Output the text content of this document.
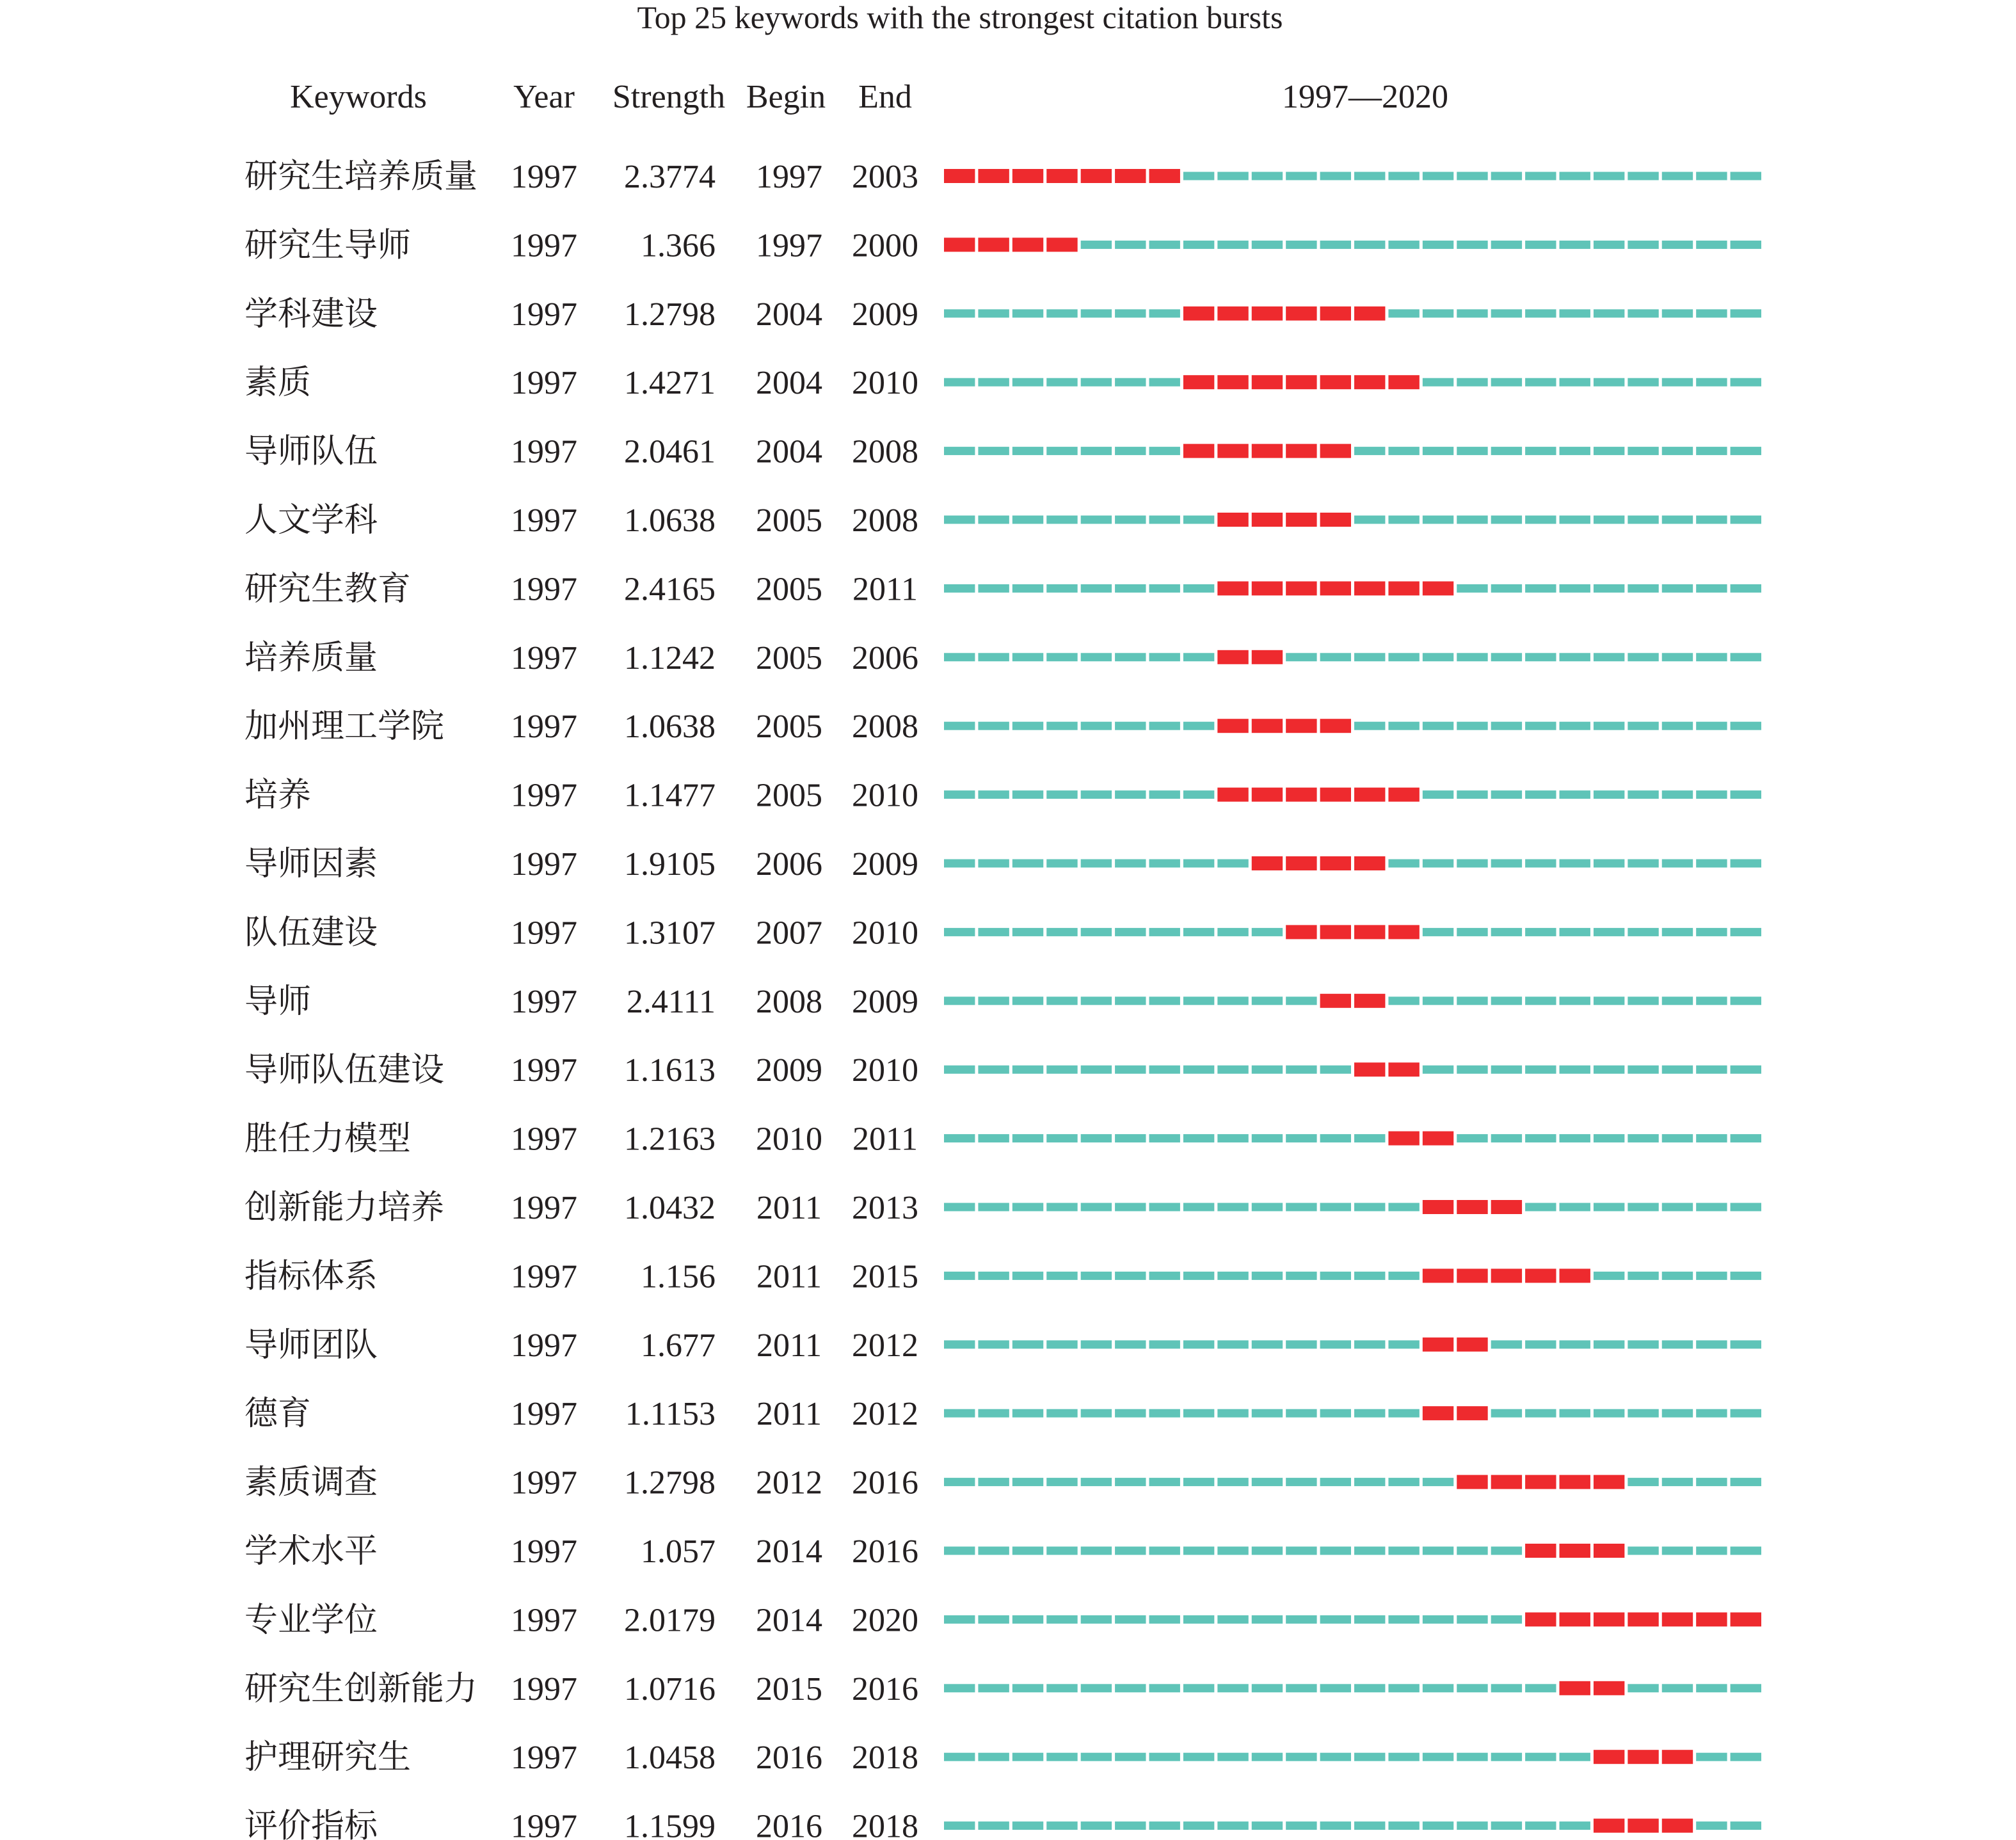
Top 25 keywords with the strongest citation bursts
Keywords	Year Strength Begin End	1997—2020
研究生培养质量 1997 2.3774 1997 2003
研究生导师	1997 1.366 1997 2000
学科建设	1997 1.2798 2004 2009
素质	1997 1.4271 2004 2010
导师队伍	1997 2.0461 2004 2008
人文学科	1997 1.0638 2005 2008
研究生教育	1997 2.4165 2005 2011
培养质量	1997 1.1242 2005 2006
加州理工学院 1997 1.0638 2005 2008
培养	1997 1.1477 2005 2010
导师因素	1997 1.9105 2006 2009
队伍建设	1997 1.3107 2007 2010
导师	1997 2.4111 2008 2009
导师队伍建设 1997 1.1613 2009 2010
胜任力模型	1997 1.2163 2010 2011
创新能力培养 1997 1.0432 2011 2013
指标体系	1997 1.156 2011 2015
导师团队	1997 1.677 2011 2012
德育	1997 1.1153 2011 2012
素质调查	1997 1.2798 2012 2016
学术水平	1997 1.057 2014 2016
专业学位	1997 2.0179 2014 2020
研究生创新能力 1997 1.0716 2015 2016
护理研究生	1997 1.0458 2016 2018
评价指标	1997 1.1599 2016 2018
